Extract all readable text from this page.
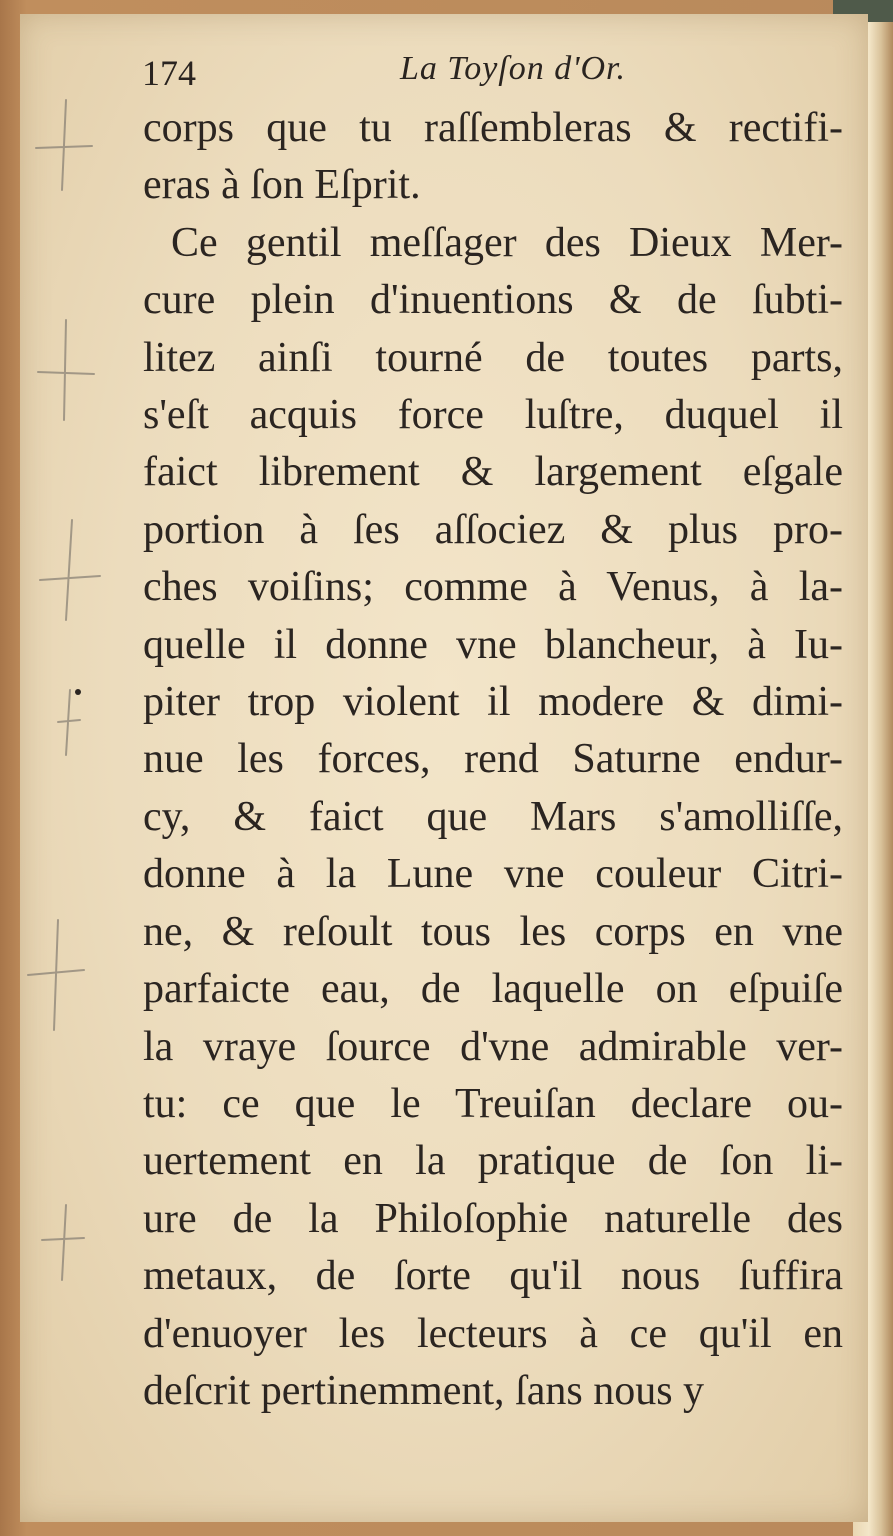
174	La Toyſon d'Or.
corps que tu raſſembleras & rectifi-
eras à ſon Eſprit.
Ce gentil meſſager des Dieux Mer-
cure plein d'inuentions & de ſubti-
litez ainſi tourné de toutes parts,
s'eſt acquis force luſtre, duquel il
faict librement & largement eſgale
portion à ſes aſſociez & plus pro-
ches voiſins; comme à Venus, à la-
quelle il donne vne blancheur, à Iu-
piter trop violent il modere & dimi-
nue les forces, rend Saturne endur-
cy, & faict que Mars s'amolliſſe,
donne à la Lune vne couleur Citri-
ne, & reſoult tous les corps en vne
parfaicte eau, de laquelle on eſpuiſe
la vraye ſource d'vne admirable ver-
tu: ce que le Treuiſan declare ou-
uertement en la pratique de ſon li-
ure de la Philoſophie naturelle des
metaux, de ſorte qu'il nous ſuffira
d'enuoyer les lecteurs à ce qu'il en
deſcrit pertinemment, ſans nous y
